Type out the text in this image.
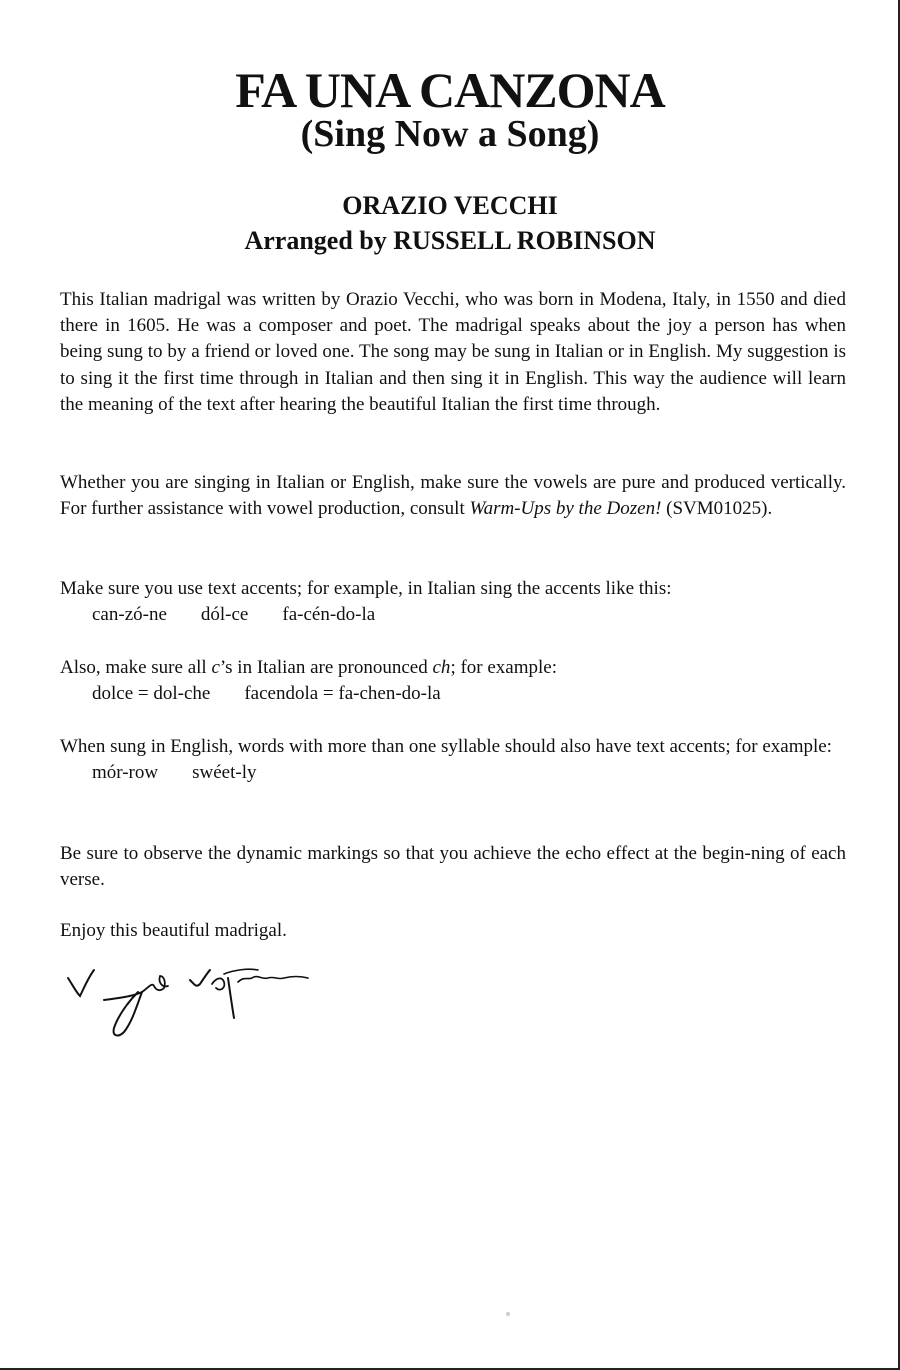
FA UNA CANZONA
(Sing Now a Song)
ORAZIO VECCHI
Arranged by RUSSELL ROBINSON

This Italian madrigal was written by Orazio Vecchi, who was born in Modena, Italy, in 1550 and died there in 1605. He was a composer and poet. The madrigal speaks about the joy a person has when being sung to by a friend or loved one. The song may be sung in Italian or in English. My suggestion is to sing it the first time through in Italian and then sing it in English. This way the audience will learn the meaning of the text after hearing the beautiful Italian the first time through.

Whether you are singing in Italian or English, make sure the vowels are pure and produced vertically. For further assistance with vowel production, consult Warm-Ups by the Dozen! (SVM01025).

Make sure you use text accents; for example, in Italian sing the accents like this:
can-zó-ne dól-ce fa-cén-do-la
Also, make sure all c’s in Italian are pronounced ch; for example:
dolce = dol-che facendola = fa-chen-do-la
When sung in English, words with more than one syllable should also have text accents; for example:
mór-row swéet-ly

Be sure to observe the dynamic markings so that you achieve the echo effect at the begin-ning of each verse.

Enjoy this beautiful madrigal.
